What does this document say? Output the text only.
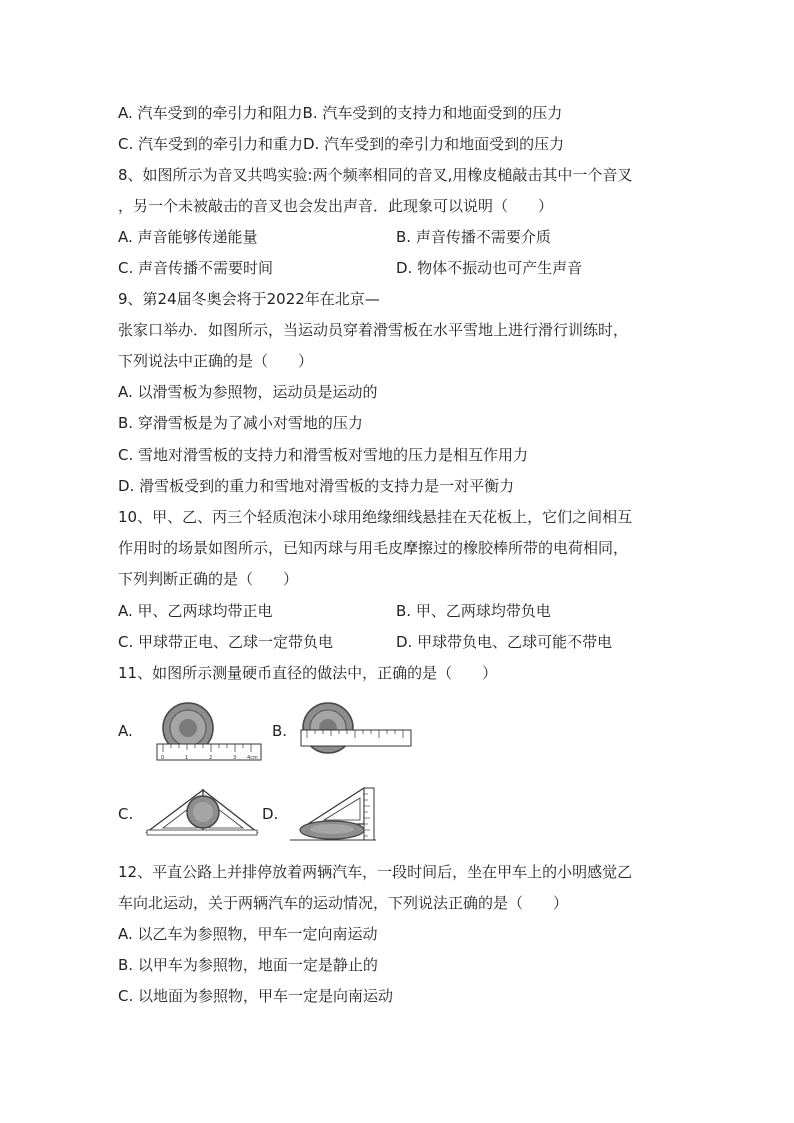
A. 汽车受到的牵引力和阻力B. 汽车受到的支持力和地面受到的压力
C. 汽车受到的牵引力和重力D. 汽车受到的牵引力和地面受到的压力
8、如图所示为音叉共鸣实验:两个频率相同的音叉,用橡皮槌敲击其中一个音叉
，另一个未被敲击的音叉也会发出声音．此现象可以说明（　　）
A. 声音能够传递能量	B. 声音传播不需要介质
C. 声音传播不需要时间	D. 物体不振动也可产生声音
9、第24届冬奥会将于2022年在北京—
张家口举办．如图所示，当运动员穿着滑雪板在水平雪地上进行滑行训练时，
下列说法中正确的是（　　）
A. 以滑雪板为参照物，运动员是运动的
B. 穿滑雪板是为了减小对雪地的压力
C. 雪地对滑雪板的支持力和滑雪板对雪地的压力是相互作用力
D. 滑雪板受到的重力和雪地对滑雪板的支持力是一对平衡力
10、甲、乙、丙三个轻质泡沫小球用绝缘细线悬挂在天花板上，它们之间相互
作用时的场景如图所示，已知丙球与用毛皮摩擦过的橡胶棒所带的电荷相同，
下列判断正确的是（　　）
A. 甲、乙两球均带正电	B. 甲、乙两球均带负电
C. 甲球带正电、乙球一定带负电	D. 甲球带负电、乙球可能不带电
11、如图所示测量硬币直径的做法中，正确的是（　　）
A.
0	1	2	3 4cm
B.
C.	D.
12、平直公路上并排停放着两辆汽车，一段时间后，坐在甲车上的小明感觉乙
车向北运动，关于两辆汽车的运动情况，下列说法正确的是（　　）
A. 以乙车为参照物，甲车一定向南运动
B. 以甲车为参照物，地面一定是静止的
C. 以地面为参照物，甲车一定是向南运动
